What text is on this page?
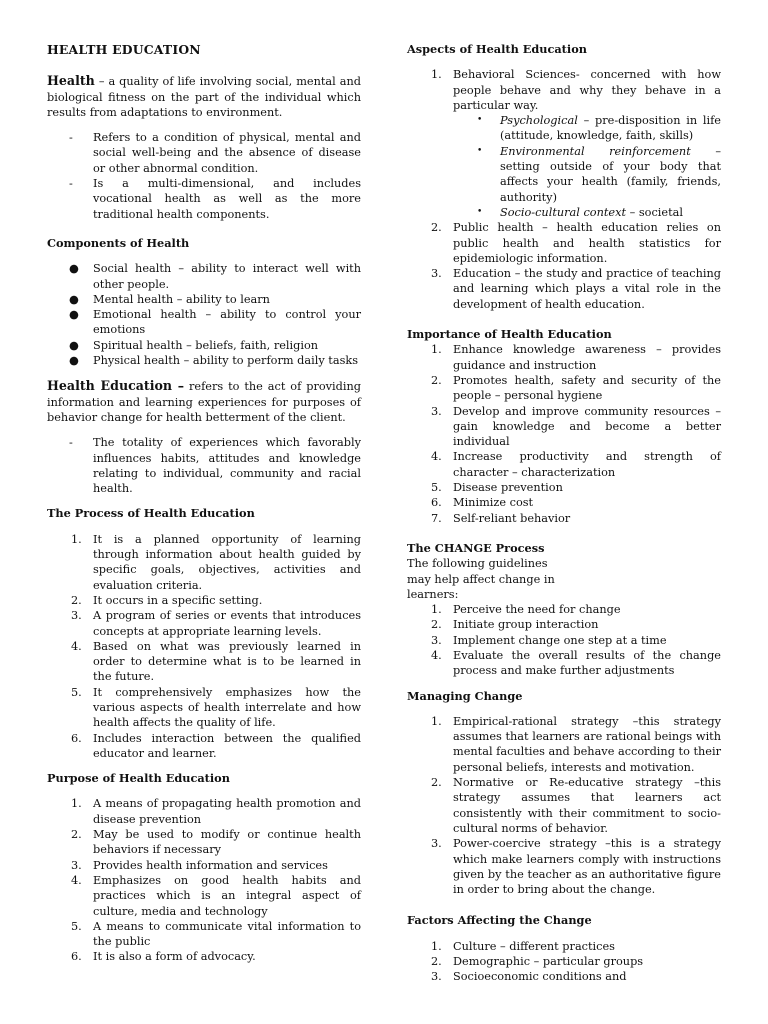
HEALTH EDUCATION

Health – a quality of life involving social, mental and biological fitness on the part of the individual which results from adaptations to environment.

- Refers to a condition of physical, mental and social well-being and the absence of disease or other abnormal condition.
- Is a multi-dimensional, and includes vocational health as well as the more traditional health components.

Components of Health

● Social health – ability to interact well with other people.
● Mental health – ability to learn
● Emotional health – ability to control your emotions
● Spiritual health – beliefs, faith, religion
● Physical health – ability to perform daily tasks

Health Education – refers to the act of providing information and learning experiences for purposes of behavior change for health betterment of the client.

- The totality of experiences which favorably influences habits, attitudes and knowledge relating to individual, community and racial health.

The Process of Health Education

1. It is a planned opportunity of learning through information about health guided by specific goals, objectives, activities and evaluation criteria.
2. It occurs in a specific setting.
3. A program of series or events that introduces concepts at appropriate learning levels.
4. Based on what was previously learned in order to determine what is to be learned in the future.
5. It comprehensively emphasizes how the various aspects of health interrelate and how health affects the quality of life.
6. Includes interaction between the qualified educator and learner.

Purpose of Health Education

1. A means of propagating health promotion and disease prevention
2. May be used to modify or continue health behaviors if necessary
3. Provides health information and services
4. Emphasizes on good health habits and practices which is an integral aspect of culture, media and technology
5. A means to communicate vital information to the public
6. It is also a form of advocacy.

Aspects of Health Education

1. Behavioral Sciences- concerned with how people behave and why they behave in a particular way.
• Psychological – pre-disposition in life (attitude, knowledge, faith, skills)
• Environmental reinforcement – setting outside of your body that affects your health (family, friends, authority)
• Socio-cultural context – societal
2. Public health – health education relies on public health and health statistics for epidemiologic information.
3. Education – the study and practice of teaching and learning which plays a vital role in the development of health education.

Importance of Health Education

1. Enhance knowledge awareness – provides guidance and instruction
2. Promotes health, safety and security of the people – personal hygiene
3. Develop and improve community resources – gain knowledge and become a better individual
4. Increase productivity and strength of character – characterization
5. Disease prevention
6. Minimize cost
7. Self-reliant behavior

The CHANGE Process

The following guidelines may help affect change in learners:

1. Perceive the need for change
2. Initiate group interaction
3. Implement change one step at a time
4. Evaluate the overall results of the change process and make further adjustments

Managing Change

1. Empirical-rational strategy –this strategy assumes that learners are rational beings with mental faculties and behave according to their personal beliefs, interests and motivation.
2. Normative or Re-educative strategy –this strategy assumes that learners act consistently with their commitment to socio-cultural norms of behavior.
3. Power-coercive strategy –this is a strategy which make learners comply with instructions given by the teacher as an authoritative figure in order to bring about the change.

Factors Affecting the Change

1. Culture – different practices
2. Demographic – particular groups
3. Socioeconomic conditions and
